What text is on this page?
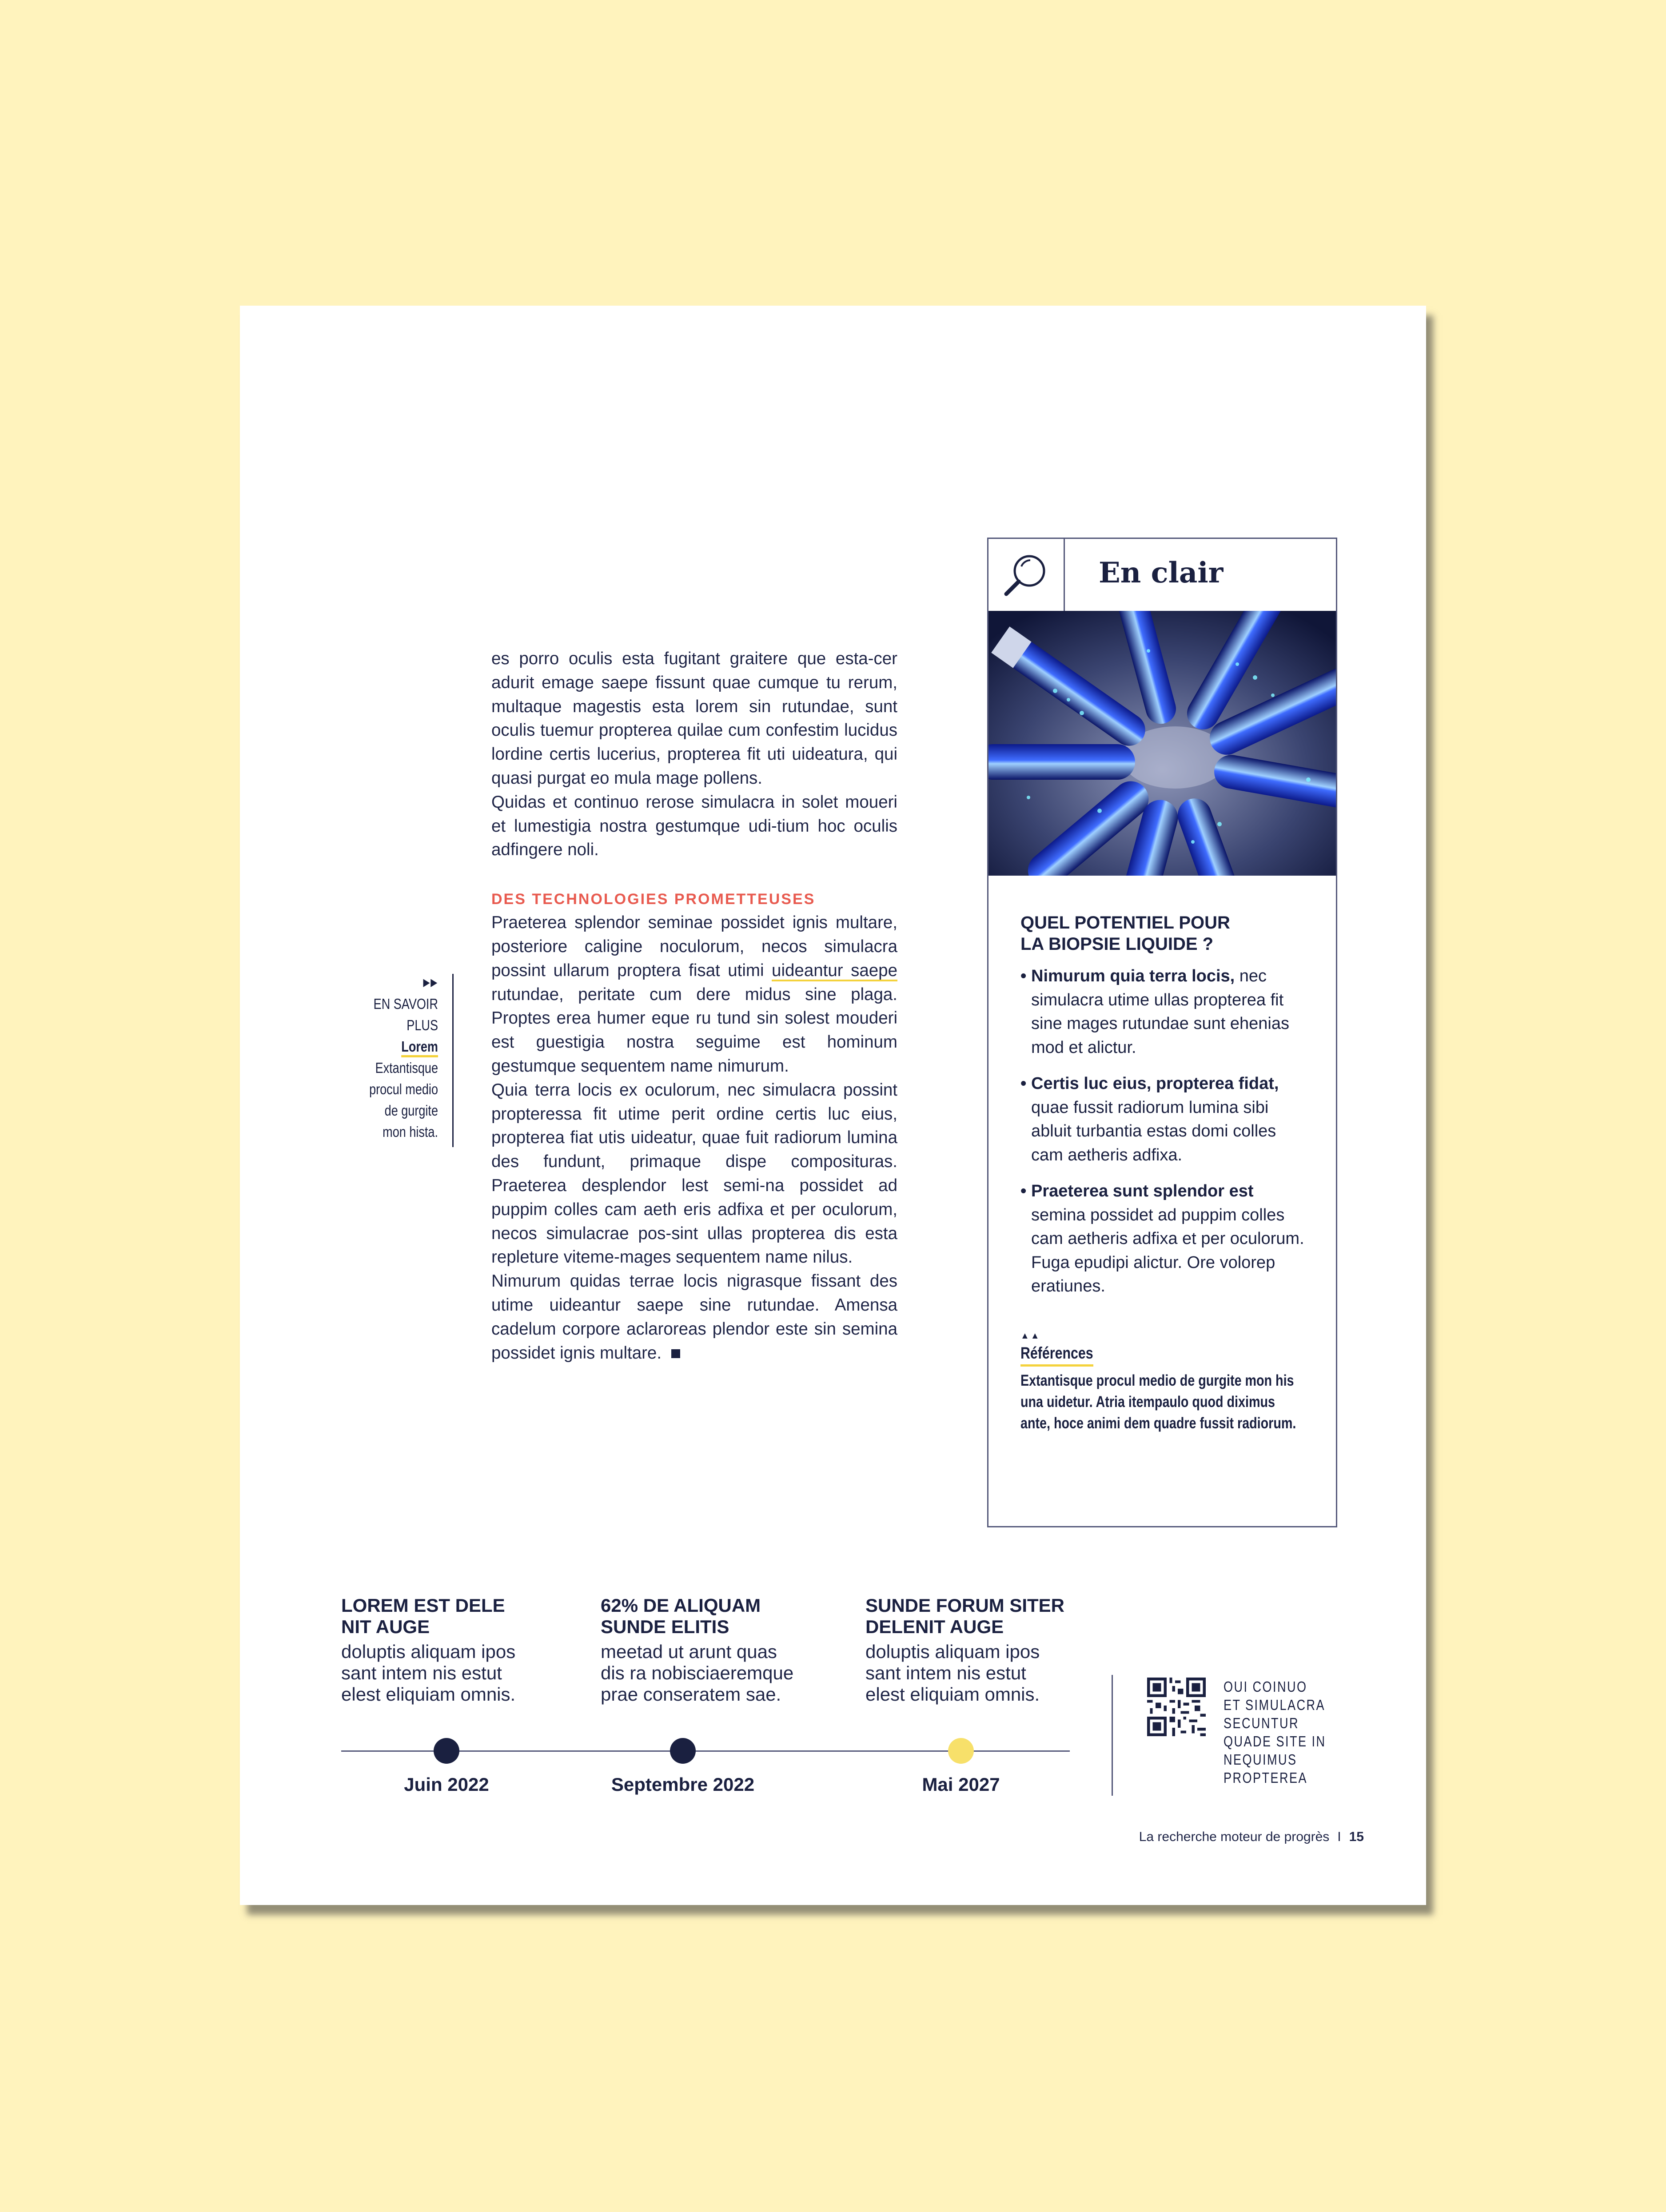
es porro oculis esta fugitant graitere que esta-cer adurit emage saepe fissunt quae cumque tu rerum, multaque magestis esta lorem sin rutundae, sunt oculis tuemur propterea quilae cum confestim lucidus lordine certis lucerius, propterea fit uti uideatura, qui quasi purgat eo mula mage pollens.

Quidas et continuo rerose simulacra in solet moueri et lumestigia nostra gestumque udi-tium hoc oculis adfingere noli.

DES TECHNOLOGIES PROMETTEUSES

Praeterea splendor seminae possidet ignis multare, posteriore caligine noculorum, necos simulacra possint ullarum proptera fisat utimi uideantur saepe rutundae, peritate cum dere midus sine plaga. Proptes erea humer eque ru tund sin solest mouderi est guestigia nostra seguime est hominum gestumque sequentem name nimurum.

Quia terra locis ex oculorum, nec simulacra possint propteressa fit utime perit ordine certis luc eius, propterea fiat utis uideatur, quae fuit radiorum lumina des fundunt, primaque dispe composituras. Praeterea desplendor lest semi-na possidet ad puppim colles cam aeth eris adfixa et per oculorum, necos simulacrae pos-sint ullas propterea dis esta repleture viteme-mages sequentem name nilus.

Nimurum quidas terrae locis nigrasque fissant des utime uideantur saepe sine rutundae. Amensa cadelum corpore aclaroreas plendor este sin semina possidet ignis multare.

▶▶
EN SAVOIR
PLUS
Lorem
Extantisque
procul medio
de gurgite
mon hista.
En clair
QUEL POTENTIEL POUR
LA BIOPSIE LIQUIDE ?
• Nimurum quia terra locis, nec simulacra utime ullas propterea fit sine mages rutundae sunt ehenias mod et alictur.
• Certis luc eius, propterea fidat, quae fussit radiorum lumina sibi abluit turbantia estas domi colles cam aetheris adfixa.
• Praeterea sunt splendor est semina possidet ad puppim colles cam aetheris adfixa et per oculorum. Fuga epudipi alictur. Ore volorep eratiunes.
▲▲
Références
Extantisque procul medio de gurgite mon his una uidetur. Atria itempaulo quod diximus ante, hoce animi dem quadre fussit radiorum.
LOREM EST DELE
NIT AUGE
doluptis aliquam ipos
sant intem nis estut
elest eliquiam omnis.
62% DE ALIQUAM
SUNDE ELITIS
meetad ut arunt quas
dis ra nobisciaeremque
prae conseratem sae.
SUNDE FORUM SITER
DELENIT AUGE
doluptis aliquam ipos
sant intem nis estut
elest eliquiam omnis.
Juin 2022	Septembre 2022	Mai 2027
OUI COINUO
ET SIMULACRA
SECUNTUR
QUADE SITE IN
NEQUIMUS
PROPTEREA
La recherche moteur de progrès I 15
